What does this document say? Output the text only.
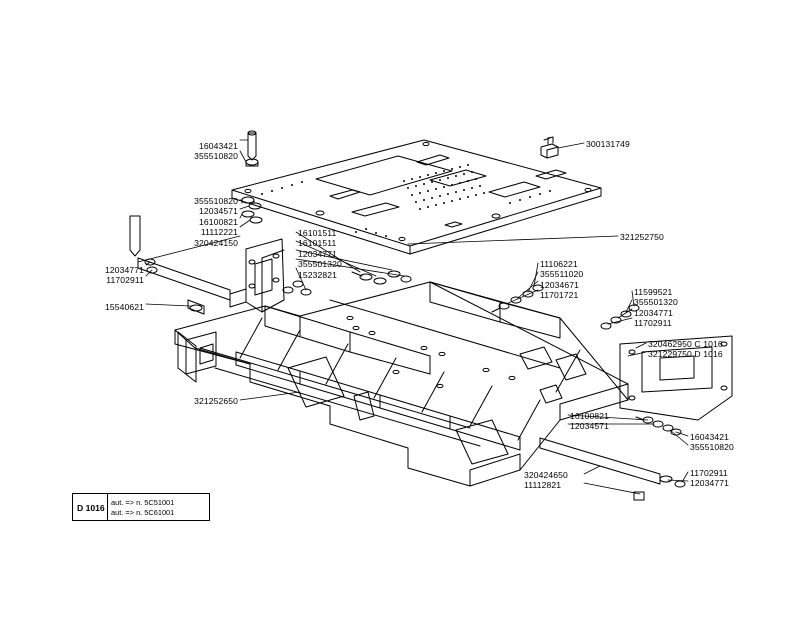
16043421
355510820
355510820
12034571
16100821
11112221
320424150
12034771
11702911
15540621
321252650
16101511
16101511
12034771
355501320
15232821
11106221
355511020
12034671
11701721	11599521
355501320
12034771
11702911
300131749
321252750
320462950 C 1016
321229750 D 1016
16100821
12034571
16043421
355510820
11702911
12034771
320424650
11112821
D 1016
aut. => n. 5C51001
aut. => n. 5C61001
